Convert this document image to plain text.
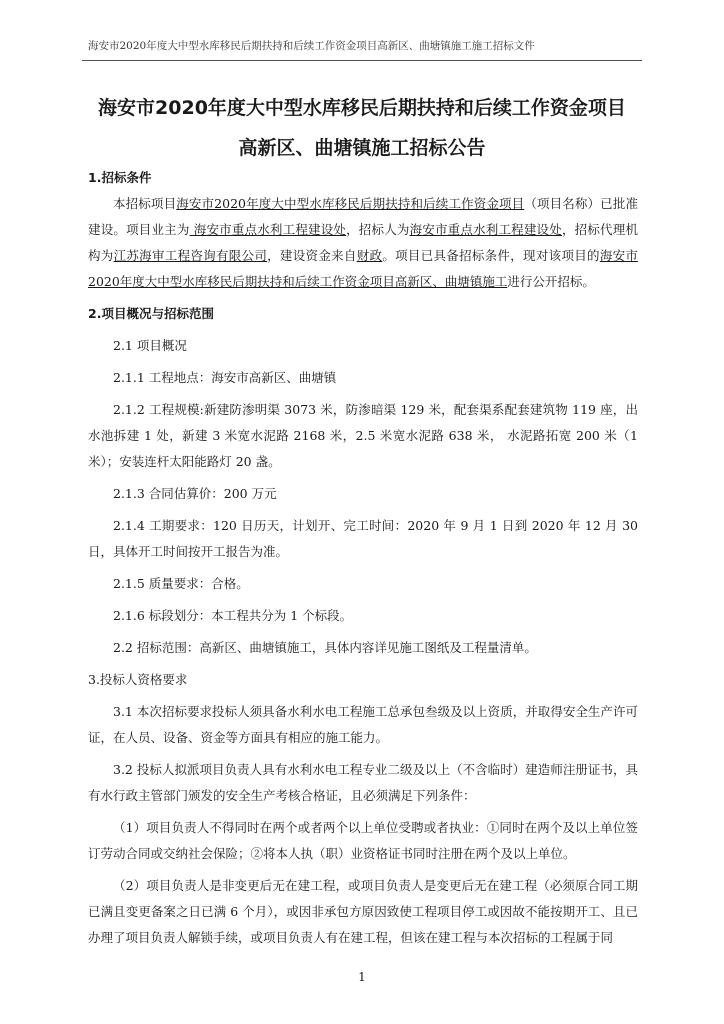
海安市2020年度大中型水库移民后期扶持和后续工作资金项目高新区、曲塘镇施工施工招标文件
海安市2020年度大中型水库移民后期扶持和后续工作资金项目
高新区、曲塘镇施工招标公告

1.招标条件

本招标项目海安市2020年度大中型水库移民后期扶持和后续工作资金项目（项目名称）已批准建设。项目业主为 海安市重点水利工程建设处，招标人为海安市重点水利工程建设处，招标代理机构为江苏海审工程咨询有限公司，建设资金来自财政。项目已具备招标条件，现对该项目的海安市2020年度大中型水库移民后期扶持和后续工作资金项目高新区、曲塘镇施工进行公开招标。

2.项目概况与招标范围

2.1 项目概况

2.1.1 工程地点：海安市高新区、曲塘镇

2.1.2 工程规模:新建防渗明渠 3073 米，防渗暗渠 129 米，配套渠系配套建筑物 119 座，出水池拆建 1 处，新建 3 米宽水泥路 2168 米，2.5 米宽水泥路 638 米， 水泥路拓宽 200 米（1 米）；安装连杆太阳能路灯 20 盏。

2.1.3 合同估算价：200 万元

2.1.4 工期要求：120 日历天，计划开、完工时间：2020 年 9 月 1 日到 2020 年 12 月 30 日，具体开工时间按开工报告为准。

2.1.5 质量要求：合格。

2.1.6 标段划分：本工程共分为 1 个标段。

2.2 招标范围：高新区、曲塘镇施工，具体内容详见施工图纸及工程量清单。

3.投标人资格要求

3.1 本次招标要求投标人须具备水利水电工程施工总承包叁级及以上资质，并取得安全生产许可证，在人员、设备、资金等方面具有相应的施工能力。

3.2 投标人拟派项目负责人具有水利水电工程专业二级及以上（不含临时）建造师注册证书，具有水行政主管部门颁发的安全生产考核合格证，且必须满足下列条件：

（1）项目负责人不得同时在两个或者两个以上单位受聘或者执业：①同时在两个及以上单位签订劳动合同或交纳社会保险；②将本人执（职）业资格证书同时注册在两个及以上单位。

（2）项目负责人是非变更后无在建工程，或项目负责人是变更后无在建工程（必须原合同工期已满且变更备案之日已满 6 个月），或因非承包方原因致使工程项目停工或因故不能按期开工、且已办理了项目负责人解锁手续，或项目负责人有在建工程，但该在建工程与本次招标的工程属于同

1
